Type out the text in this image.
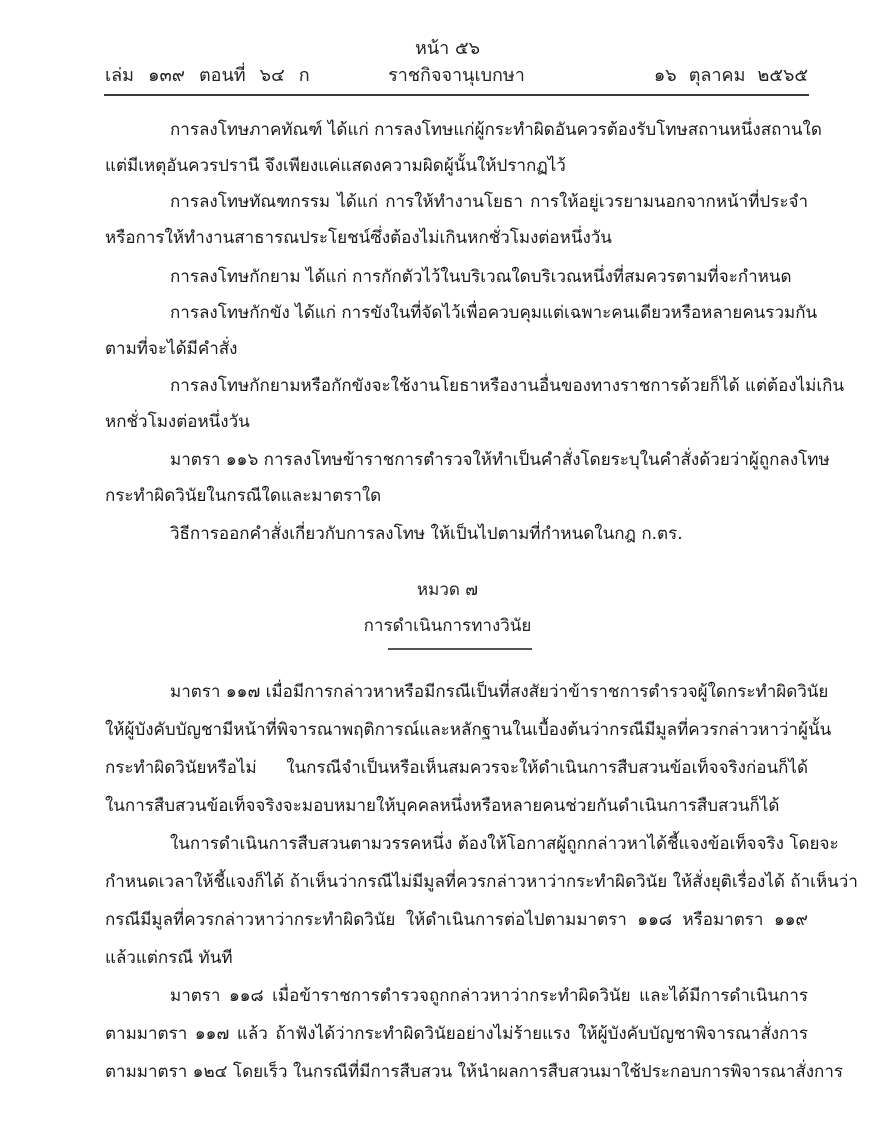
หน้า ๕๖
เล่ม ๑๓๙ ตอนที่ ๖๔ ก	ราชกิจจานุเบกษา	๑๖ ตุลาคม ๒๕๖๕
การลงโทษภาคทัณฑ์ ได้แก่ การลงโทษแก่ผู้กระทำผิดอันควรต้องรับโทษสถานหนึ่งสถานใด
แต่มีเหตุอันควรปรานี จึงเพียงแค่แสดงความผิดผู้นั้นให้ปรากฏไว้
การลงโทษทัณฑกรรม ได้แก่ การให้ทำงานโยธา การให้อยู่เวรยามนอกจากหน้าที่ประจำ
หรือการให้ทำงานสาธารณประโยชน์ซึ่งต้องไม่เกินหกชั่วโมงต่อหนึ่งวัน
การลงโทษกักยาม ได้แก่ การกักตัวไว้ในบริเวณใดบริเวณหนึ่งที่สมควรตามที่จะกำหนด
การลงโทษกักขัง ได้แก่ การขังในที่จัดไว้เพื่อควบคุมแต่เฉพาะคนเดียวหรือหลายคนรวมกัน
ตามที่จะได้มีคำสั่ง
การลงโทษกักยามหรือกักขังจะใช้งานโยธาหรืองานอื่นของทางราชการด้วยก็ได้ แต่ต้องไม่เกิน
หกชั่วโมงต่อหนึ่งวัน
มาตรา ๑๑๖ การลงโทษข้าราชการตำรวจให้ทำเป็นคำสั่งโดยระบุในคำสั่งด้วยว่าผู้ถูกลงโทษ
กระทำผิดวินัยในกรณีใดและมาตราใด
วิธีการออกคำสั่งเกี่ยวกับการลงโทษ ให้เป็นไปตามที่กำหนดในกฎ ก.ตร.
หมวด ๗
การดำเนินการทางวินัย
มาตรา ๑๑๗ เมื่อมีการกล่าวหาหรือมีกรณีเป็นที่สงสัยว่าข้าราชการตำรวจผู้ใดกระทำผิดวินัย
ให้ผู้บังคับบัญชามีหน้าที่พิจารณาพฤติการณ์และหลักฐานในเบื้องต้นว่ากรณีมีมูลที่ควรกล่าวหาว่าผู้นั้น
กระทำผิดวินัยหรือไม่ ในกรณีจำเป็นหรือเห็นสมควรจะให้ดำเนินการสืบสวนข้อเท็จจริงก่อนก็ได้
ในการสืบสวนข้อเท็จจริงจะมอบหมายให้บุคคลหนึ่งหรือหลายคนช่วยกันดำเนินการสืบสวนก็ได้
ในการดำเนินการสืบสวนตามวรรคหนึ่ง ต้องให้โอกาสผู้ถูกกล่าวหาได้ชี้แจงข้อเท็จจริง โดยจะ
กำหนดเวลาให้ชี้แจงก็ได้ ถ้าเห็นว่ากรณีไม่มีมูลที่ควรกล่าวหาว่ากระทำผิดวินัย ให้สั่งยุติเรื่องได้ ถ้าเห็นว่า
กรณีมีมูลที่ควรกล่าวหาว่ากระทำผิดวินัย ให้ดำเนินการต่อไปตามมาตรา ๑๑๘ หรือมาตรา ๑๑๙
แล้วแต่กรณี ทันที
มาตรา ๑๑๘ เมื่อข้าราชการตำรวจถูกกล่าวหาว่ากระทำผิดวินัย และได้มีการดำเนินการ
ตามมาตรา ๑๑๗ แล้ว ถ้าฟังได้ว่ากระทำผิดวินัยอย่างไม่ร้ายแรง ให้ผู้บังคับบัญชาพิจารณาสั่งการ
ตามมาตรา ๑๒๔ โดยเร็ว ในกรณีที่มีการสืบสวน ให้นำผลการสืบสวนมาใช้ประกอบการพิจารณาสั่งการ
